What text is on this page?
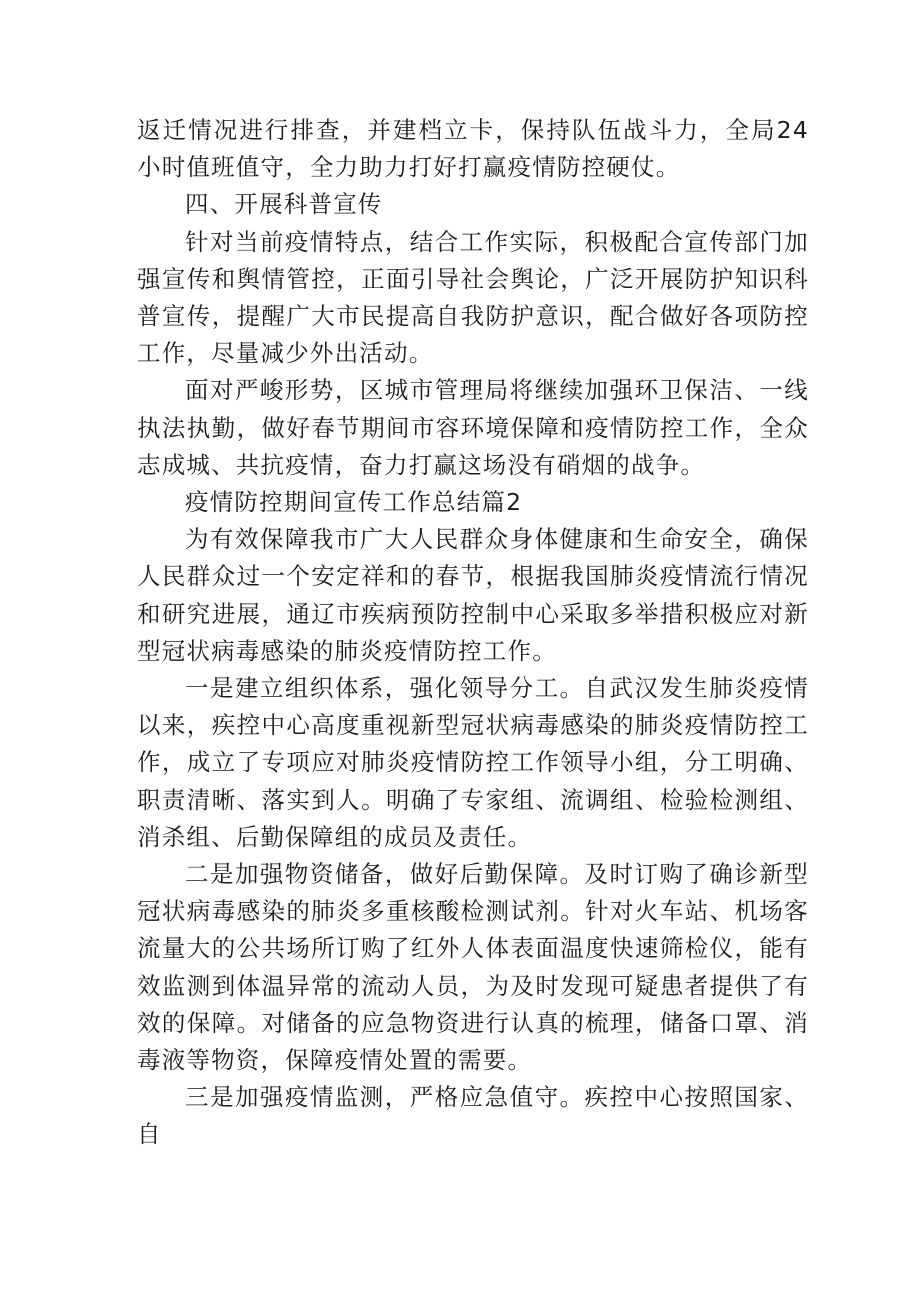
返迁情况进行排查，并建档立卡，保持队伍战斗力，全局24小时值班值守，全力助力打好打赢疫情防控硬仗。

四、开展科普宣传

针对当前疫情特点，结合工作实际，积极配合宣传部门加强宣传和舆情管控，正面引导社会舆论，广泛开展防护知识科普宣传，提醒广大市民提高自我防护意识，配合做好各项防控工作，尽量减少外出活动。

面对严峻形势，区城市管理局将继续加强环卫保洁、一线执法执勤，做好春节期间市容环境保障和疫情防控工作，全众志成城、共抗疫情，奋力打赢这场没有硝烟的战争。

疫情防控期间宣传工作总结篇2

为有效保障我市广大人民群众身体健康和生命安全，确保人民群众过一个安定祥和的春节，根据我国肺炎疫情流行情况和研究进展，通辽市疾病预防控制中心采取多举措积极应对新型冠状病毒感染的肺炎疫情防控工作。

一是建立组织体系，强化领导分工。自武汉发生肺炎疫情以来，疾控中心高度重视新型冠状病毒感染的肺炎疫情防控工作，成立了专项应对肺炎疫情防控工作领导小组，分工明确、职责清晰、落实到人。明确了专家组、流调组、检验检测组、消杀组、后勤保障组的成员及责任。

二是加强物资储备，做好后勤保障。及时订购了确诊新型冠状病毒感染的肺炎多重核酸检测试剂。针对火车站、机场客流量大的公共场所订购了红外人体表面温度快速筛检仪，能有效监测到体温异常的流动人员，为及时发现可疑患者提供了有效的保障。对储备的应急物资进行认真的梳理，储备口罩、消毒液等物资，保障疫情处置的需要。

三是加强疫情监测，严格应急值守。疾控中心按照国家、自
